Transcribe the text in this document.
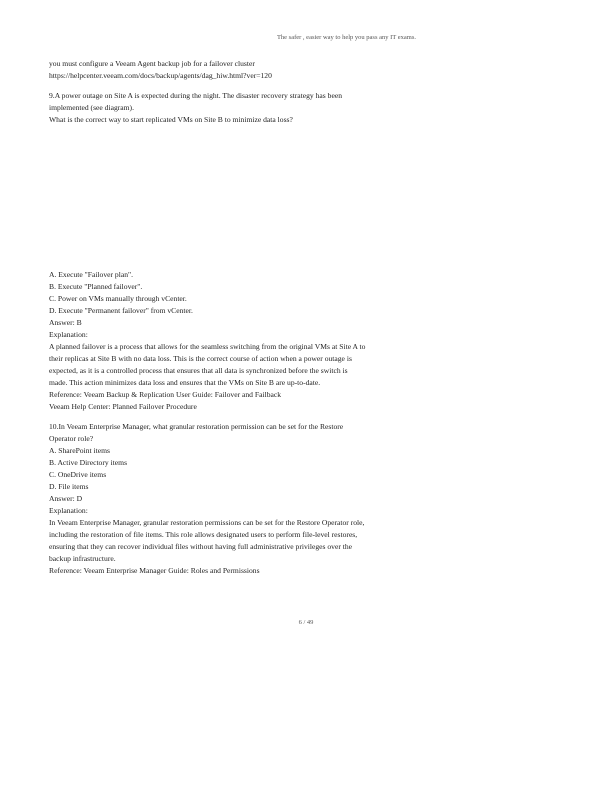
The safer , easier way to help you pass any IT exams.
you must configure a Veeam Agent backup job for a failover cluster
https://helpcenter.veeam.com/docs/backup/agents/dag_hiw.html?ver=120
9.A power outage on Site A is expected during the night. The disaster recovery strategy has been
implemented (see diagram).
What is the correct way to start replicated VMs on Site B to minimize data loss?
A. Execute "Failover plan".
B. Execute "Planned failover".
C. Power on VMs manually through vCenter.
D. Execute "Permanent failover" from vCenter.
Answer: B
Explanation:
A planned failover is a process that allows for the seamless switching from the original VMs at Site A to
their replicas at Site B with no data loss. This is the correct course of action when a power outage is
expected, as it is a controlled process that ensures that all data is synchronized before the switch is
made. This action minimizes data loss and ensures that the VMs on Site B are up-to-date.
Reference: Veeam Backup & Replication User Guide: Failover and Failback
Veeam Help Center: Planned Failover Procedure
10.In Veeam Enterprise Manager, what granular restoration permission can be set for the Restore
Operator role?
A. SharePoint items
B. Active Directory items
C. OneDrive items
D. File items
Answer: D
Explanation:
In Veeam Enterprise Manager, granular restoration permissions can be set for the Restore Operator role,
including the restoration of file items. This role allows designated users to perform file-level restores,
ensuring that they can recover individual files without having full administrative privileges over the
backup infrastructure.
Reference: Veeam Enterprise Manager Guide: Roles and Permissions
6 / 49
